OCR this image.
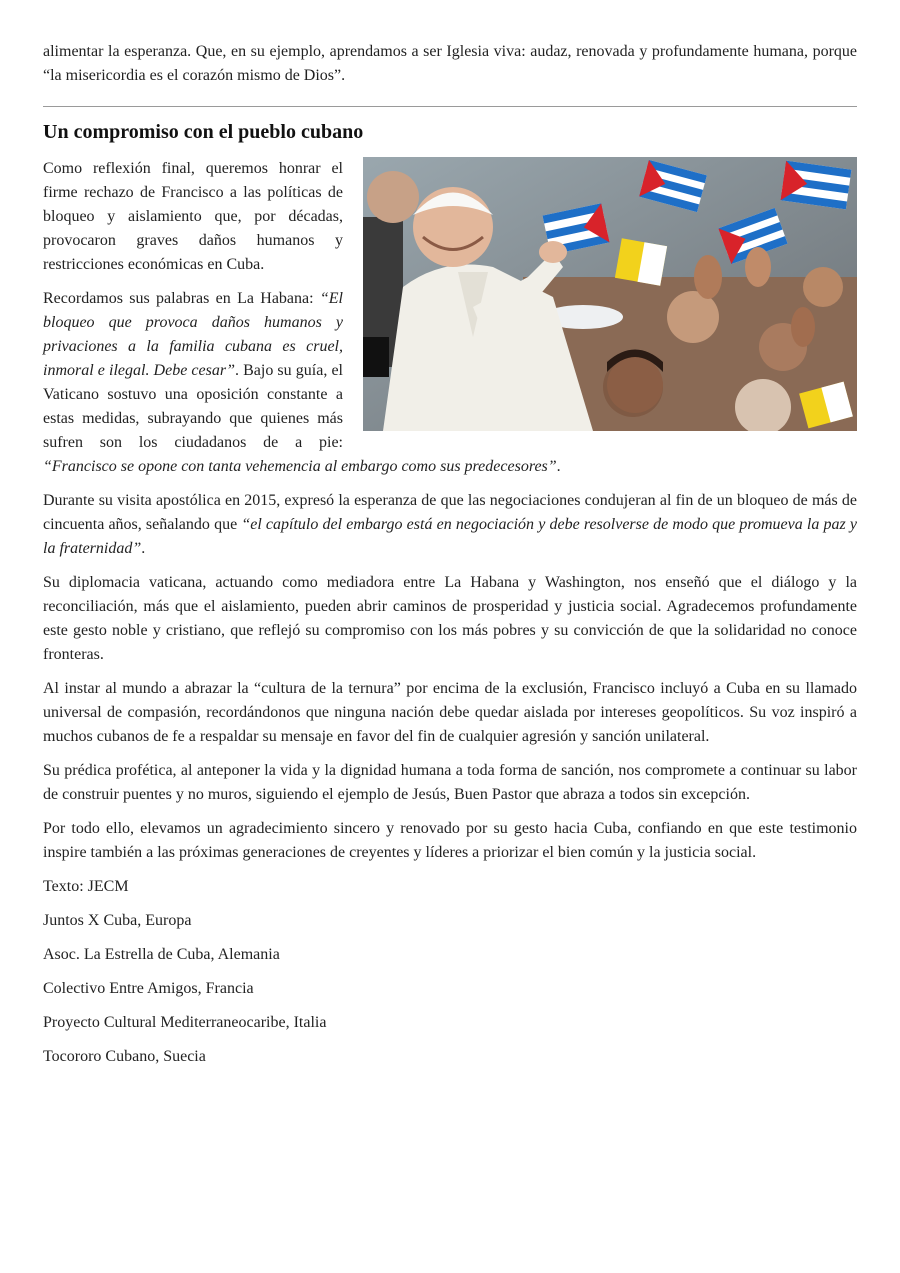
alimentar la esperanza. Que, en su ejemplo, aprendamos a ser Iglesia viva: audaz, renovada y profundamente humana, porque “la misericordia es el corazón mismo de Dios”.

Un compromiso con el pueblo cubano

Como reflexión final, queremos honrar el firme rechazo de Francisco a las políticas de bloqueo y aislamiento que, por décadas, provocaron graves daños humanos y restricciones económicas en Cuba.

Recordamos sus palabras en La Habana: “El bloqueo que provoca daños humanos y privaciones a la familia cubana es cruel, inmoral e ilegal. Debe cesar”. Bajo su guía, el Vaticano sostuvo una oposición constante a estas medidas, subrayando que quienes más sufren son los ciudadanos de a pie: “Francisco se opone con tanta vehemencia al embargo como sus predecesores”.

Durante su visita apostólica en 2015, expresó la esperanza de que las negociaciones condujeran al fin de un bloqueo de más de cincuenta años, señalando que “el capítulo del embargo está en negociación y debe resolverse de modo que promueva la paz y la fraternidad”.

Su diplomacia vaticana, actuando como mediadora entre La Habana y Washington, nos enseñó que el diálogo y la reconciliación, más que el aislamiento, pueden abrir caminos de prosperidad y justicia social. Agradecemos profundamente este gesto noble y cristiano, que reflejó su compromiso con los más pobres y su convicción de que la solidaridad no conoce fronteras.

Al instar al mundo a abrazar la “cultura de la ternura” por encima de la exclusión, Francisco incluyó a Cuba en su llamado universal de compasión, recordándonos que ninguna nación debe quedar aislada por intereses geopolíticos. Su voz inspiró a muchos cubanos de fe a respaldar su mensaje en favor del fin de cualquier agresión y sanción unilateral.

Su prédica profética, al anteponer la vida y la dignidad humana a toda forma de sanción, nos compromete a continuar su labor de construir puentes y no muros, siguiendo el ejemplo de Jesús, Buen Pastor que abraza a todos sin excepción.

Por todo ello, elevamos un agradecimiento sincero y renovado por su gesto hacia Cuba, confiando en que este testimonio inspire también a las próximas generaciones de creyentes y líderes a priorizar el bien común y la justicia social.

Texto: JECM

Juntos X Cuba, Europa

Asoc. La Estrella de Cuba, Alemania

Colectivo Entre Amigos, Francia

Proyecto Cultural Mediterraneocaribe, Italia

Tocororo Cubano, Suecia
